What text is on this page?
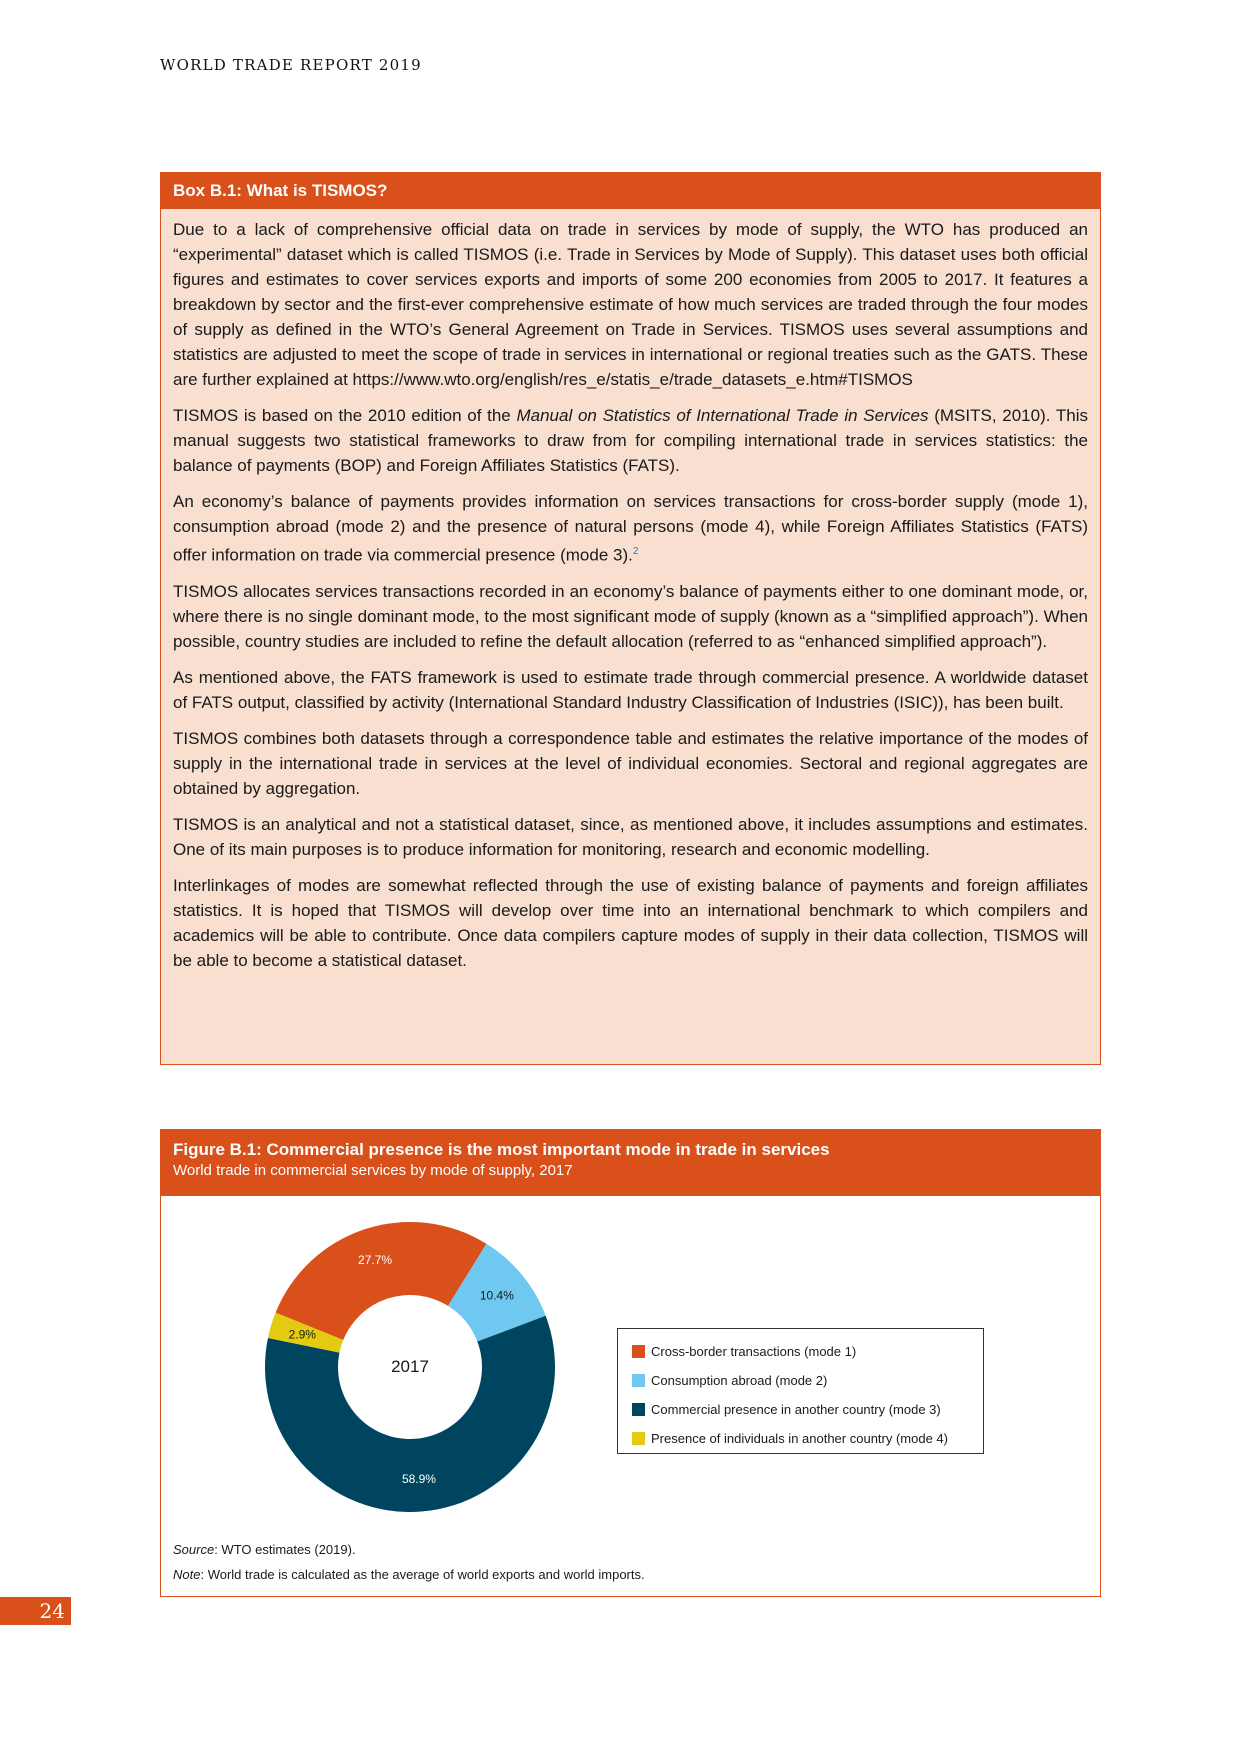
WORLD TRADE REPORT 2019
Box B.1: What is TISMOS?

Due to a lack of comprehensive official data on trade in services by mode of supply, the WTO has produced an “experimental” dataset which is called TISMOS (i.e. Trade in Services by Mode of Supply). This dataset uses both official figures and estimates to cover services exports and imports of some 200 economies from 2005 to 2017. It features a breakdown by sector and the first-ever comprehensive estimate of how much services are traded through the four modes of supply as defined in the WTO’s General Agreement on Trade in Services. TISMOS uses several assumptions and statistics are adjusted to meet the scope of trade in services in international or regional treaties such as the GATS. These are further explained at https://www.wto.org/english/res_e/statis_e/trade_datasets_e.htm#TISMOS

TISMOS is based on the 2010 edition of the Manual on Statistics of International Trade in Services (MSITS, 2010). This manual suggests two statistical frameworks to draw from for compiling international trade in services statistics: the balance of payments (BOP) and Foreign Affiliates Statistics (FATS).

An economy’s balance of payments provides information on services transactions for cross-border supply (mode 1), consumption abroad (mode 2) and the presence of natural persons (mode 4), while Foreign Affiliates Statistics (FATS) offer information on trade via commercial presence (mode 3).$^2$

TISMOS allocates services transactions recorded in an economy’s balance of payments either to one dominant mode, or, where there is no single dominant mode, to the most significant mode of supply (known as a “simplified approach”). When possible, country studies are included to refine the default allocation (referred to as “enhanced simplified approach”).

As mentioned above, the FATS framework is used to estimate trade through commercial presence. A worldwide dataset of FATS output, classified by activity (International Standard Industry Classification of Industries (ISIC)), has been built.

TISMOS combines both datasets through a correspondence table and estimates the relative importance of the modes of supply in the international trade in services at the level of individual economies. Sectoral and regional aggregates are obtained by aggregation.

TISMOS is an analytical and not a statistical dataset, since, as mentioned above, it includes assumptions and estimates. One of its main purposes is to produce information for monitoring, research and economic modelling.

Interlinkages of modes are somewhat reflected through the use of existing balance of payments and foreign affiliates statistics. It is hoped that TISMOS will develop over time into an international benchmark to which compilers and academics will be able to contribute. Once data compilers capture modes of supply in their data collection, TISMOS will be able to become a statistical dataset.

Figure B.1: Commercial presence is the most important mode in trade in services
World trade in commercial services by mode of supply, 2017
27.7%
10.4%
58.9%
2.9%
2017
Cross-border transactions (mode 1)
Consumption abroad (mode 2)
Commercial presence in another country (mode 3)
Presence of individuals in another country (mode 4)
Source: WTO estimates (2019).
Note: World trade is calculated as the average of world exports and world imports.
24
